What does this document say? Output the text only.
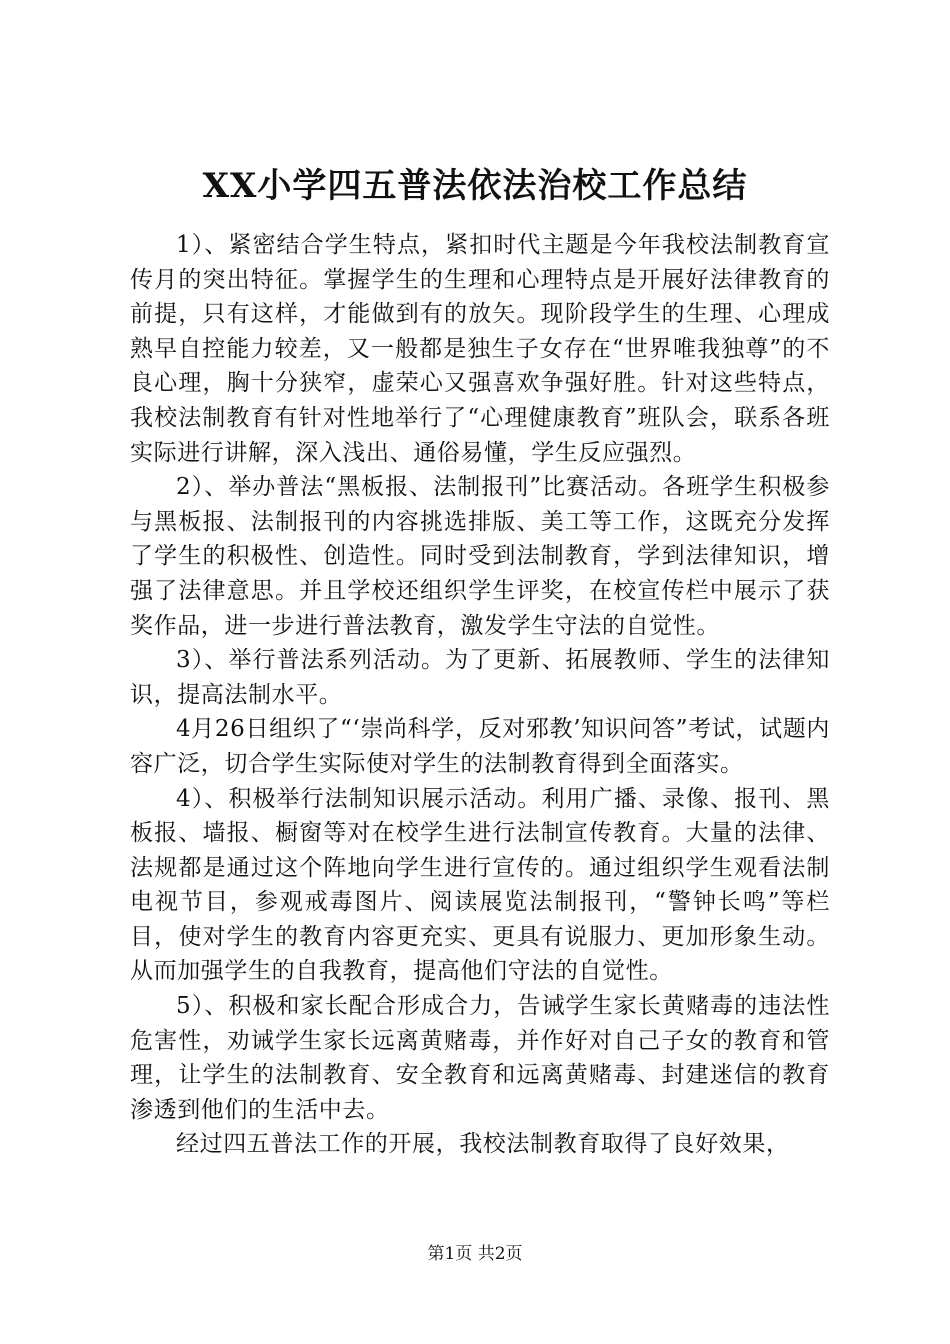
XX小学四五普法依法治校工作总结

1）、紧密结合学生特点，紧扣时代主题是今年我校法制教育宣传月的突出特征。掌握学生的生理和心理特点是开展好法律教育的前提，只有这样，才能做到有的放矢。现阶段学生的生理、心理成熟早自控能力较差，又一般都是独生子女存在“世界唯我独尊”的不良心理，胸十分狭窄，虚荣心又强喜欢争强好胜。针对这些特点，我校法制教育有针对性地举行了“心理健康教育”班队会，联系各班实际进行讲解，深入浅出、通俗易懂，学生反应强烈。

2）、举办普法“黑板报、法制报刊”比赛活动。各班学生积极参与黑板报、法制报刊的内容挑选排版、美工等工作，这既充分发挥了学生的积极性、创造性。同时受到法制教育，学到法律知识，增强了法律意思。并且学校还组织学生评奖，在校宣传栏中展示了获奖作品，进一步进行普法教育，激发学生守法的自觉性。

3）、举行普法系列活动。为了更新、拓展教师、学生的法律知识，提高法制水平。

4月26日组织了“‘崇尚科学，反对邪教’知识问答”考试，试题内容广泛，切合学生实际使对学生的法制教育得到全面落实。

4）、积极举行法制知识展示活动。利用广播、录像、报刊、黑板报、墙报、橱窗等对在校学生进行法制宣传教育。大量的法律、法规都是通过这个阵地向学生进行宣传的。通过组织学生观看法制电视节目，参观戒毒图片、阅读展览法制报刊，“警钟长鸣”等栏目，使对学生的教育内容更充实、更具有说服力、更加形象生动。从而加强学生的自我教育，提高他们守法的自觉性。

5）、积极和家长配合形成合力，告诫学生家长黄赌毒的违法性危害性，劝诫学生家长远离黄赌毒，并作好对自己子女的教育和管理，让学生的法制教育、安全教育和远离黄赌毒、封建迷信的教育渗透到他们的生活中去。

经过四五普法工作的开展，我校法制教育取得了良好效果，

第1页 共2页
